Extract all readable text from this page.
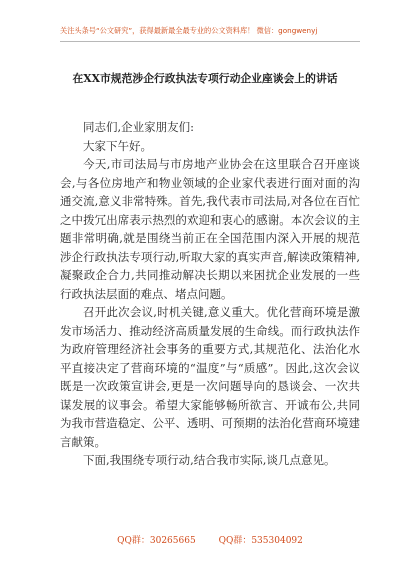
关注头条号“公文研究”，获得最新最全最专业的公文资料库！ 微信：gongwenyj
在XX市规范涉企行政执法专项行动企业座谈会上的讲话

同志们,企业家朋友们:

大家下午好。

今天,市司法局与市房地产业协会在这里联合召开座谈会,与各位房地产和物业领域的企业家代表进行面对面的沟通交流,意义非常特殊。首先,我代表市司法局,对各位在百忙之中拨冗出席表示热烈的欢迎和衷心的感谢。本次会议的主题非常明确,就是围绕当前正在全国范围内深入开展的规范涉企行政执法专项行动,听取大家的真实声音,解读政策精神,凝聚政企合力,共同推动解决长期以来困扰企业发展的一些行政执法层面的难点、堵点问题。

召开此次会议,时机关键,意义重大。优化营商环境是激发市场活力、推动经济高质量发展的生命线。而行政执法作为政府管理经济社会事务的重要方式,其规范化、法治化水平直接决定了营商环境的“温度”与“质感”。因此,这次会议既是一次政策宣讲会,更是一次问题导向的恳谈会、一次共谋发展的议事会。希望大家能够畅所欲言、开诚布公,共同为我市营造稳定、公平、透明、可预期的法治化营商环境建言献策。

下面,我围绕专项行动,结合我市实际,谈几点意见。

QQ群：30265665	QQ群：535304092
